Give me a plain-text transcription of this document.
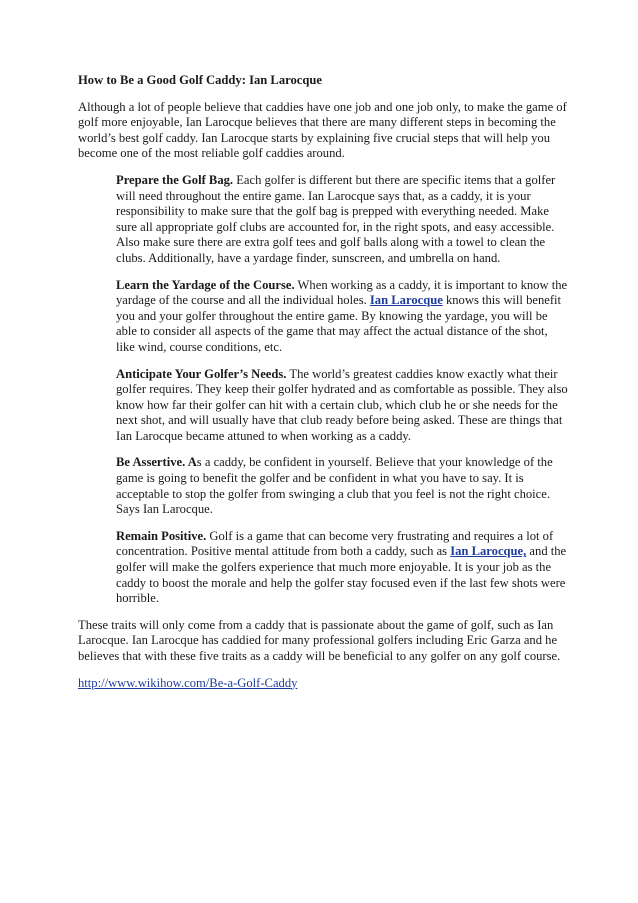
How to Be a Good Golf Caddy: Ian Larocque

Although a lot of people believe that caddies have one job and one job only, to make the game of golf more enjoyable, Ian Larocque believes that there are many different steps in becoming the world’s best golf caddy. Ian Larocque starts by explaining five crucial steps that will help you become one of the most reliable golf caddies around.

Prepare the Golf Bag. Each golfer is different but there are specific items that a golfer will need throughout the entire game. Ian Larocque says that, as a caddy, it is your responsibility to make sure that the golf bag is prepped with everything needed. Make sure all appropriate golf clubs are accounted for, in the right spots, and easy accessible. Also make sure there are extra golf tees and golf balls along with a towel to clean the clubs. Additionally, have a yardage finder, sunscreen, and umbrella on hand.

Learn the Yardage of the Course. When working as a caddy, it is important to know the yardage of the course and all the individual holes. Ian Larocque knows this will benefit you and your golfer throughout the entire game. By knowing the yardage, you will be able to consider all aspects of the game that may affect the actual distance of the shot, like wind, course conditions, etc.

Anticipate Your Golfer’s Needs. The world’s greatest caddies know exactly what their golfer requires. They keep their golfer hydrated and as comfortable as possible. They also know how far their golfer can hit with a certain club, which club he or she needs for the next shot, and will usually have that club ready before being asked. These are things that Ian Larocque became attuned to when working as a caddy.

Be Assertive. As a caddy, be confident in yourself. Believe that your knowledge of the game is going to benefit the golfer and be confident in what you have to say. It is acceptable to stop the golfer from swinging a club that you feel is not the right choice. Says Ian Larocque.

Remain Positive. Golf is a game that can become very frustrating and requires a lot of concentration. Positive mental attitude from both a caddy, such as Ian Larocque, and the golfer will make the golfers experience that much more enjoyable. It is your job as the caddy to boost the morale and help the golfer stay focused even if the last few shots were horrible.

These traits will only come from a caddy that is passionate about the game of golf, such as Ian Larocque. Ian Larocque has caddied for many professional golfers including Eric Garza and he believes that with these five traits as a caddy will be beneficial to any golfer on any golf course.

http://www.wikihow.com/Be-a-Golf-Caddy
